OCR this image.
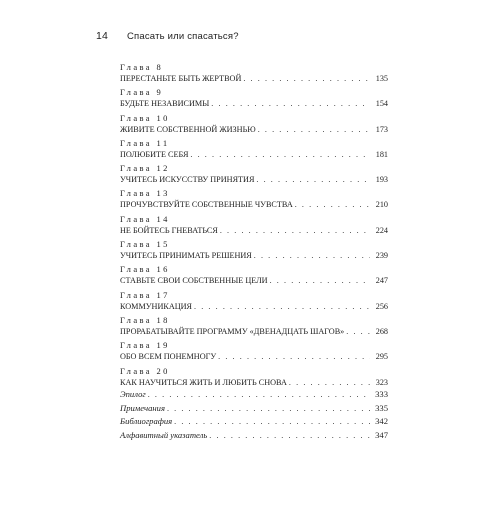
14 Спасать или спасаться?
Глава 8
ПЕРЕСТАНЬТЕ БЫТЬ ЖЕРТВОЙ . . .	135
Глава 9
БУДЬТЕ НЕЗАВИСИМЫ . . .	154
Глава 10
ЖИВИТЕ СОБСТВЕННОЙ ЖИЗНЬЮ . . .	173
Глава 11
ПОЛЮБИТЕ СЕБЯ . . .	181
Глава 12
УЧИТЕСЬ ИСКУССТВУ ПРИНЯТИЯ . . .	193
Глава 13
ПРОЧУВСТВУЙТЕ СОБСТВЕННЫЕ ЧУВСТВА . . .	210
Глава 14
НЕ БОЙТЕСЬ ГНЕВАТЬСЯ . . .	224
Глава 15
УЧИТЕСЬ ПРИНИМАТЬ РЕШЕНИЯ . . .	239
Глава 16
СТАВЬТЕ СВОИ СОБСТВЕННЫЕ ЦЕЛИ . . .	247
Глава 17
КОММУНИКАЦИЯ . . .	256
Глава 18
ПРОРАБАТЫВАЙТЕ ПРОГРАММУ «ДВЕНАДЦАТЬ ШАГОВ» . . .	268
Глава 19
ОБО ВСЕМ ПОНЕМНОГУ . . .	295
Глава 20
КАК НАУЧИТЬСЯ ЖИТЬ И ЛЮБИТЬ СНОВА . . .	323
Эпилог . . .	333
Примечания . . .	335
Библиография . . .	342
Алфавитный указатель . . .	347
